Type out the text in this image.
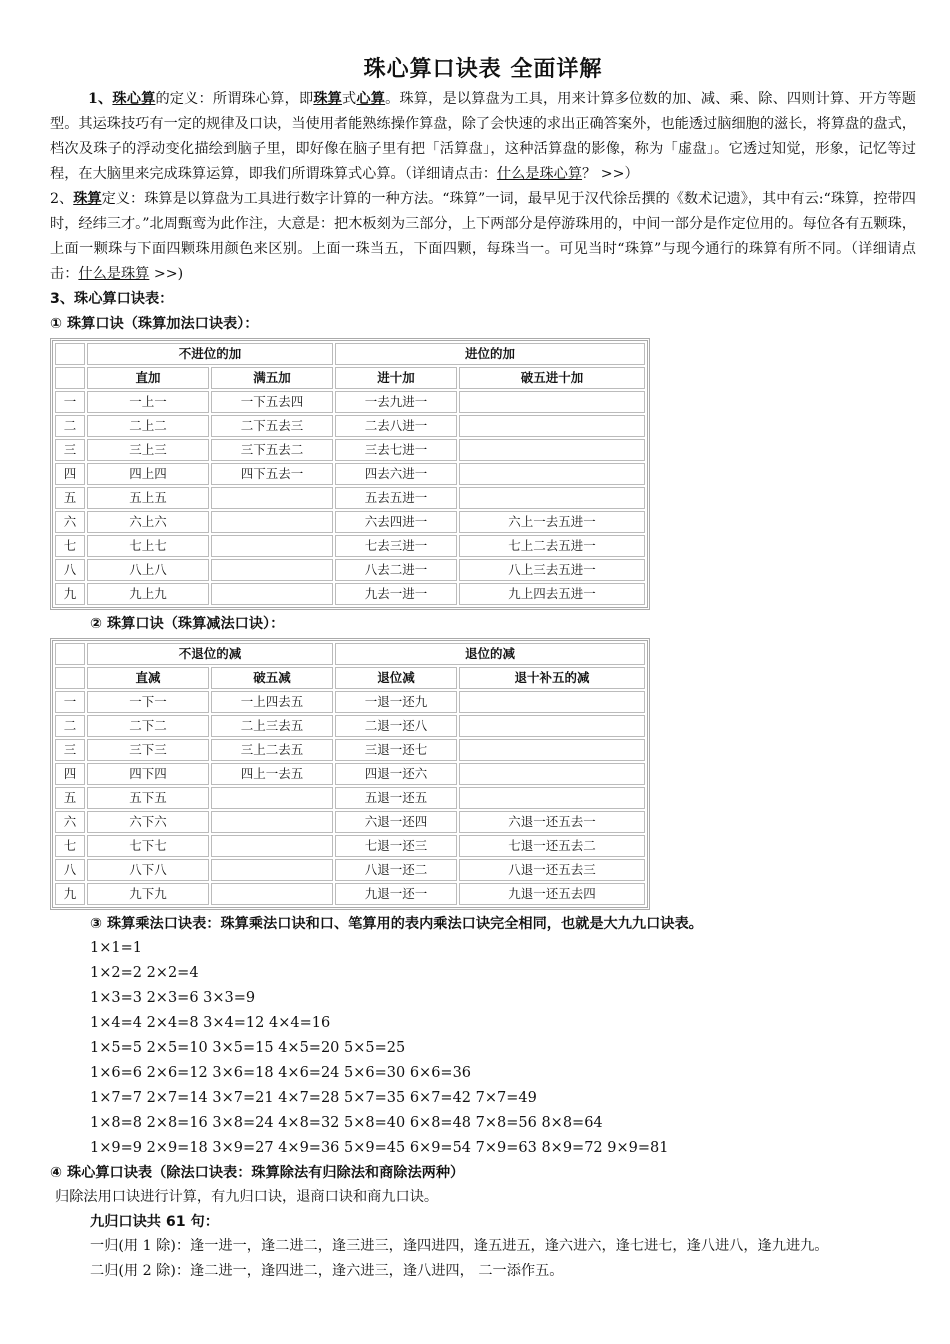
珠心算口诀表 全面详解

1、珠心算的定义：所谓珠心算，即珠算式心算。珠算，是以算盘为工具，用来计算多位数的加、减、乘、除、四则计算、开方等题型。其运珠技巧有一定的规律及口诀，当使用者能熟练操作算盘，除了会快速的求出正确答案外，也能透过脑细胞的滋长，将算盘的盘式，档次及珠子的浮动变化描绘到脑子里，即好像在脑子里有把「活算盘」，这种活算盘的影像，称为「虚盘」。它透过知觉，形象，记忆等过程，在大脑里来完成珠算运算，即我们所谓珠算式心算。（详细请点击：什么是珠心算？ >>）

2、珠算定义：珠算是以算盘为工具进行数字计算的一种方法。“珠算”一词，最早见于汉代徐岳撰的《数术记遗》，其中有云:“珠算，控带四时，经纬三才。”北周甄鸾为此作注，大意是：把木板刻为三部分，上下两部分是停游珠用的，中间一部分是作定位用的。每位各有五颗珠，上面一颗珠与下面四颗珠用颜色来区别。上面一珠当五，下面四颗，每珠当一。可见当时“珠算”与现今通行的珠算有所不同。（详细请点击：什么是珠算 >>)

3、珠心算口诀表：
① 珠算口诀（珠算加法口诀表）：
	不进位的加		进位的加	
	直加	满五加	进十加	破五进十加
一	一上一	一下五去四	一去九进一	
二	二上二	二下五去三	二去八进一	
三	三上三	三下五去二	三去七进一	
四	四上四	四下五去一	四去六进一	
五	五上五		五去五进一	
六	六上六		六去四进一	六上一去五进一
七	七上七		七去三进一	七上二去五进一
八	八上八		八去二进一	八上三去五进一
九	九上九		九去一进一	九上四去五进一
② 珠算口诀（珠算减法口诀）：
	不退位的减		退位的减	
	直减	破五减	退位减	退十补五的减
一	一下一	一上四去五	一退一还九	
二	二下二	二上三去五	二退一还八	
三	三下三	三上二去五	三退一还七	
四	四下四	四上一去五	四退一还六	
五	五下五		五退一还五	
六	六下六		六退一还四	六退一还五去一
七	七下七		七退一还三	七退一还五去二
八	八下八		八退一还二	八退一还五去三
九	九下九		九退一还一	九退一还五去四
③ 珠算乘法口诀表：珠算乘法口诀和口、笔算用的表内乘法口诀完全相同，也就是大九九口诀表。
1×1=1
1×2=2 2×2=4
1×3=3 2×3=6 3×3=9
1×4=4 2×4=8 3×4=12 4×4=16
1×5=5 2×5=10 3×5=15 4×5=20 5×5=25
1×6=6 2×6=12 3×6=18 4×6=24 5×6=30 6×6=36
1×7=7 2×7=14 3×7=21 4×7=28 5×7=35 6×7=42 7×7=49
1×8=8 2×8=16 3×8=24 4×8=32 5×8=40 6×8=48 7×8=56 8×8=64
1×9=9 2×9=18 3×9=27 4×9=36 5×9=45 6×9=54 7×9=63 8×9=72 9×9=81
④ 珠心算口诀表（除法口诀表：珠算除法有归除法和商除法两种）

归除法用口诀进行计算，有九归口诀，退商口诀和商九口诀。

九归口诀共 61 句：

一归(用 1 除)：逢一进一，逢二进二，逢三进三，逢四进四，逢五进五，逢六进六，逢七进七，逢八进八，逢九进九。

二归(用 2 除)：逢二进一，逢四进二，逢六进三，逢八进四， 二一添作五。
